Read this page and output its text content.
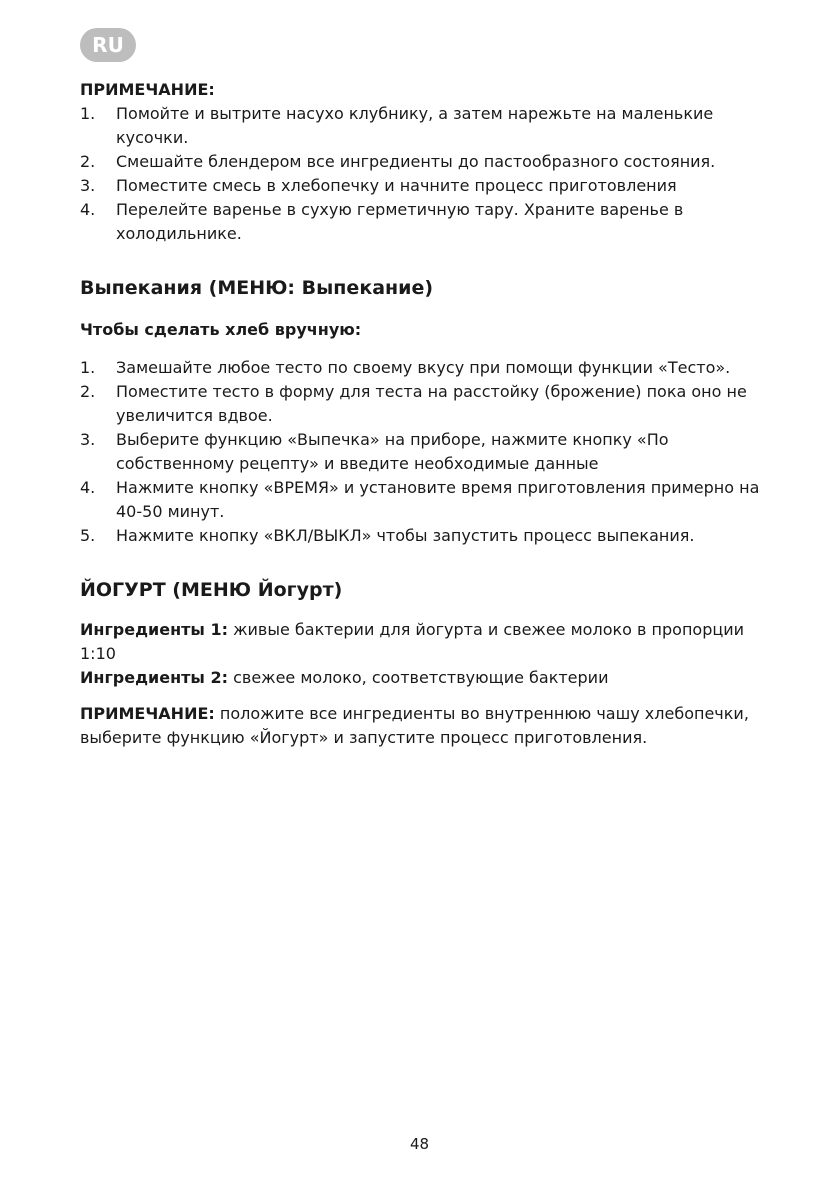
RU

ПРИМЕЧАНИЕ:

1. Помойте и вытрите насухо клубнику, а затем нарежьте на маленькие кусочки.
2. Смешайте блендером все ингредиенты до пастообразного состояния.
3. Поместите смесь в хлебопечку и начните процесс приготовления
4. Перелейте варенье в сухую герметичную тару. Храните варенье в холодильнике.
Выпекания (МЕНЮ: Выпекание)

Чтобы сделать хлеб вручную:

1. Замешайте любое тесто по своему вкусу при помощи функции «Тесто».
2. Поместите тесто в форму для теста на расстойку (брожение) пока оно не увеличится вдвое.
3. Выберите функцию «Выпечка» на приборе, нажмите кнопку «По собственному рецепту» и введите необходимые данные
4. Нажмите кнопку «ВРЕМЯ» и установите время приготовления примерно на 40-50 минут.
5. Нажмите кнопку «ВКЛ/ВЫКЛ» чтобы запустить процесс выпекания.
ЙОГУРТ (МЕНЮ Йогурт)

Ингредиенты 1: живые бактерии для йогурта и свежее молоко в пропорции 1:10

Ингредиенты 2: свежее молоко, соответствующие бактерии

ПРИМЕЧАНИЕ: положите все ингредиенты во внутреннюю чашу хлебопечки, выберите функцию «Йогурт» и запустите процесс приготовления.

48
